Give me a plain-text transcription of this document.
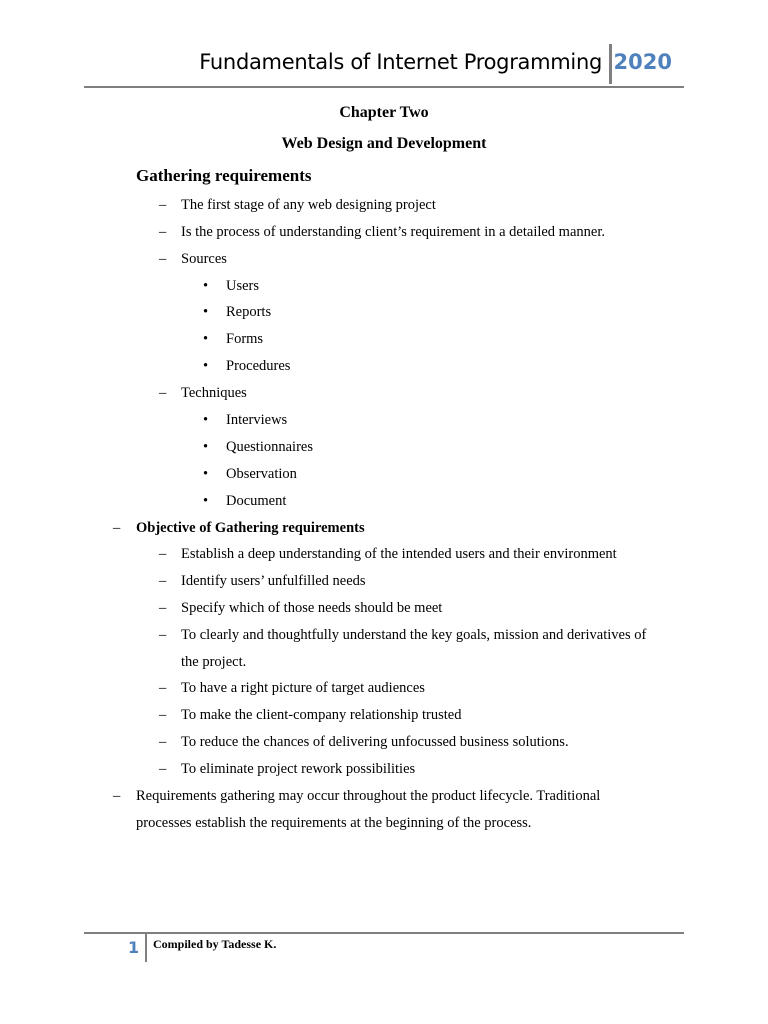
Fundamentals of Internet Programming 2020
Chapter Two
Web Design and Development
Gathering requirements
– The first stage of any web designing project
– Is the process of understanding client’s requirement in a detailed manner.
– Sources
• Users
• Reports
• Forms
• Procedures
– Techniques
• Interviews
• Questionnaires
• Observation
• Document
– Objective of Gathering requirements
– Establish a deep understanding of the intended users and their environment
– Identify users’ unfulfilled needs
– Specify which of those needs should be meet
– To clearly and thoughtfully understand the key goals, mission and derivatives of
the project.
– To have a right picture of target audiences
– To make the client-company relationship trusted
– To reduce the chances of delivering unfocussed business solutions.
– To eliminate project rework possibilities
– Requirements gathering may occur throughout the product lifecycle. Traditional
processes establish the requirements at the beginning of the process.
1 Compiled by Tadesse K.
